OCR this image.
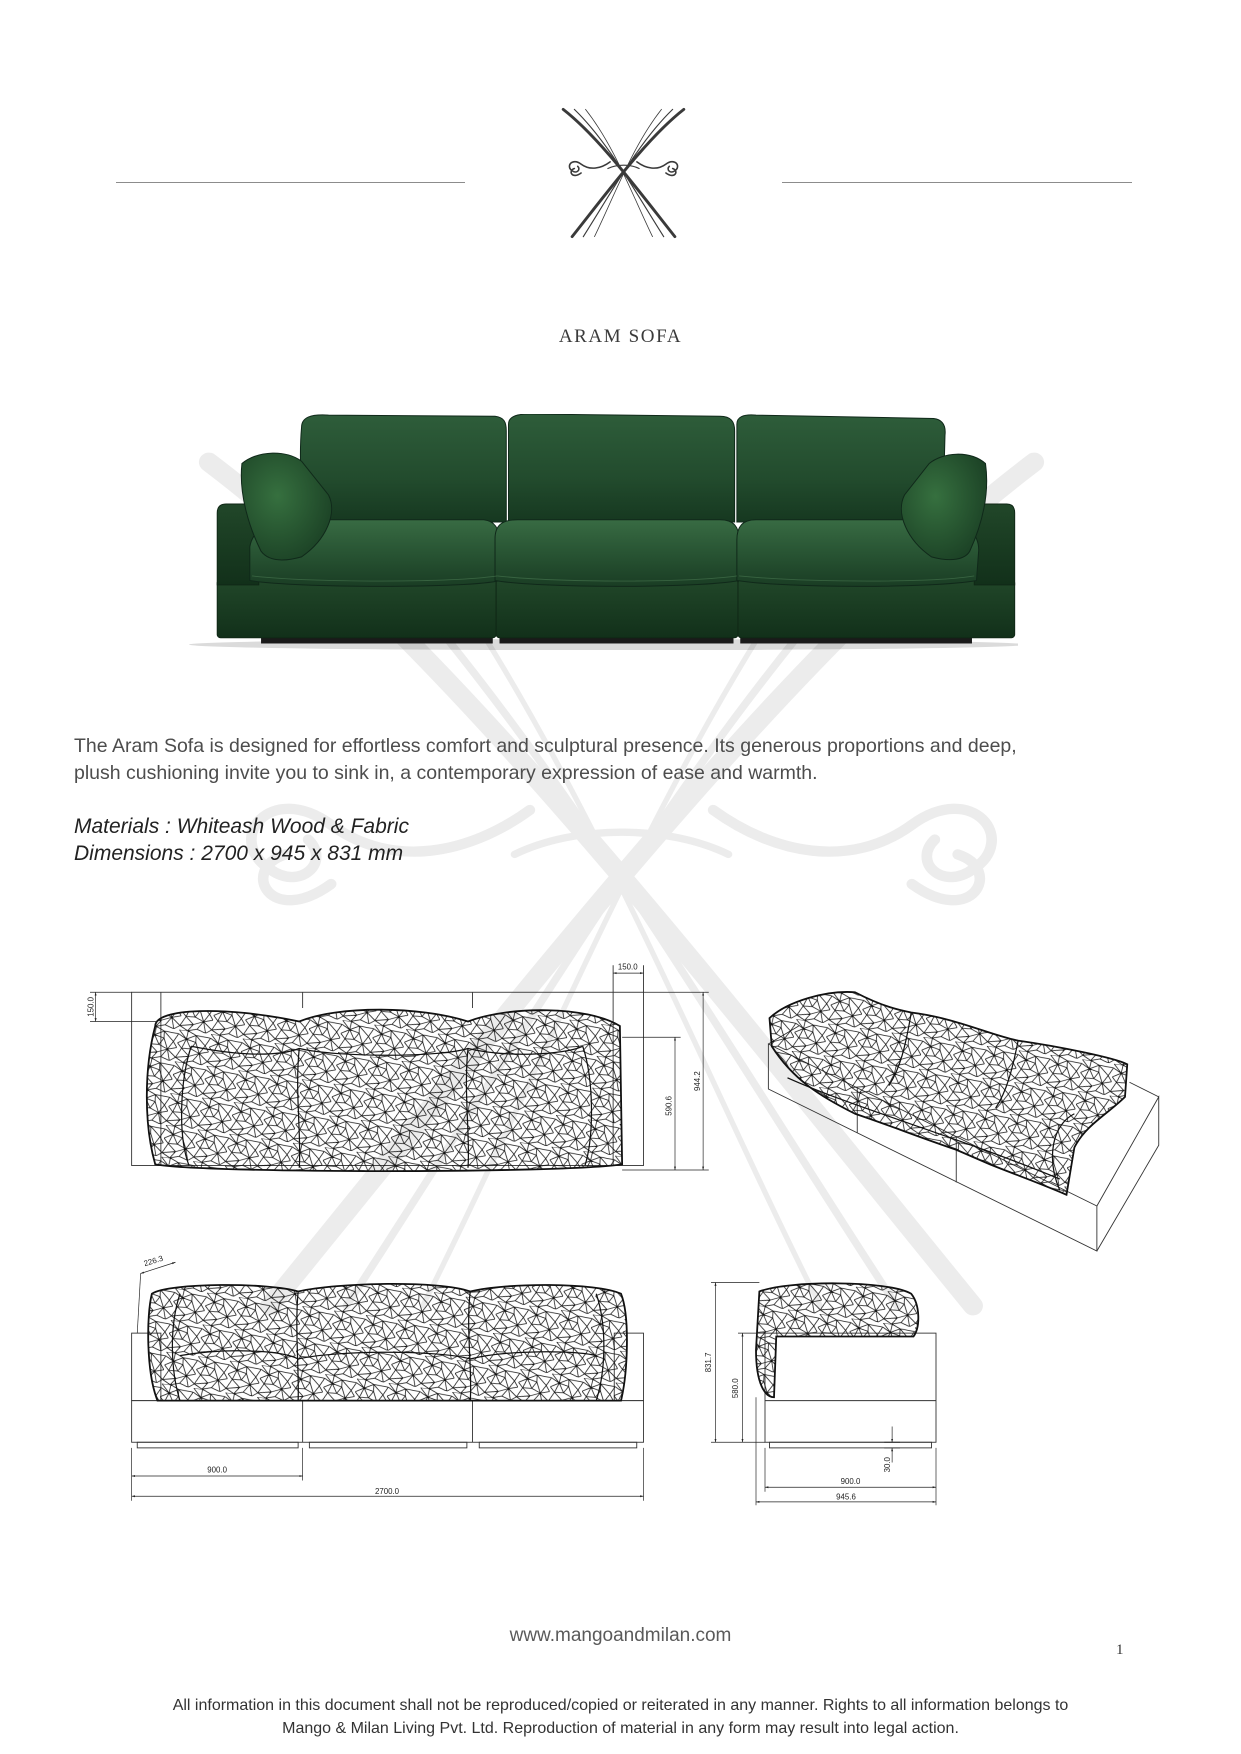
ARAM SOFA
The Aram Sofa is designed for effortless comfort and sculptural presence. Its generous proportions and deep,
plush cushioning invite you to sink in, a contemporary expression of ease and warmth.
Materials : Whiteash Wood & Fabric
Dimensions : 2700 x 945 x 831 mm
150.0
150.0
944.2
590.6
226.3
900.0
2700.0
831.7
580.0
30.0
900.0
945.6
www.mangoandmilan.com
1
All information in this document shall not be reproduced/copied or reiterated in any manner. Rights to all information belongs to
Mango & Milan Living Pvt. Ltd. Reproduction of material in any form may result into legal action.
